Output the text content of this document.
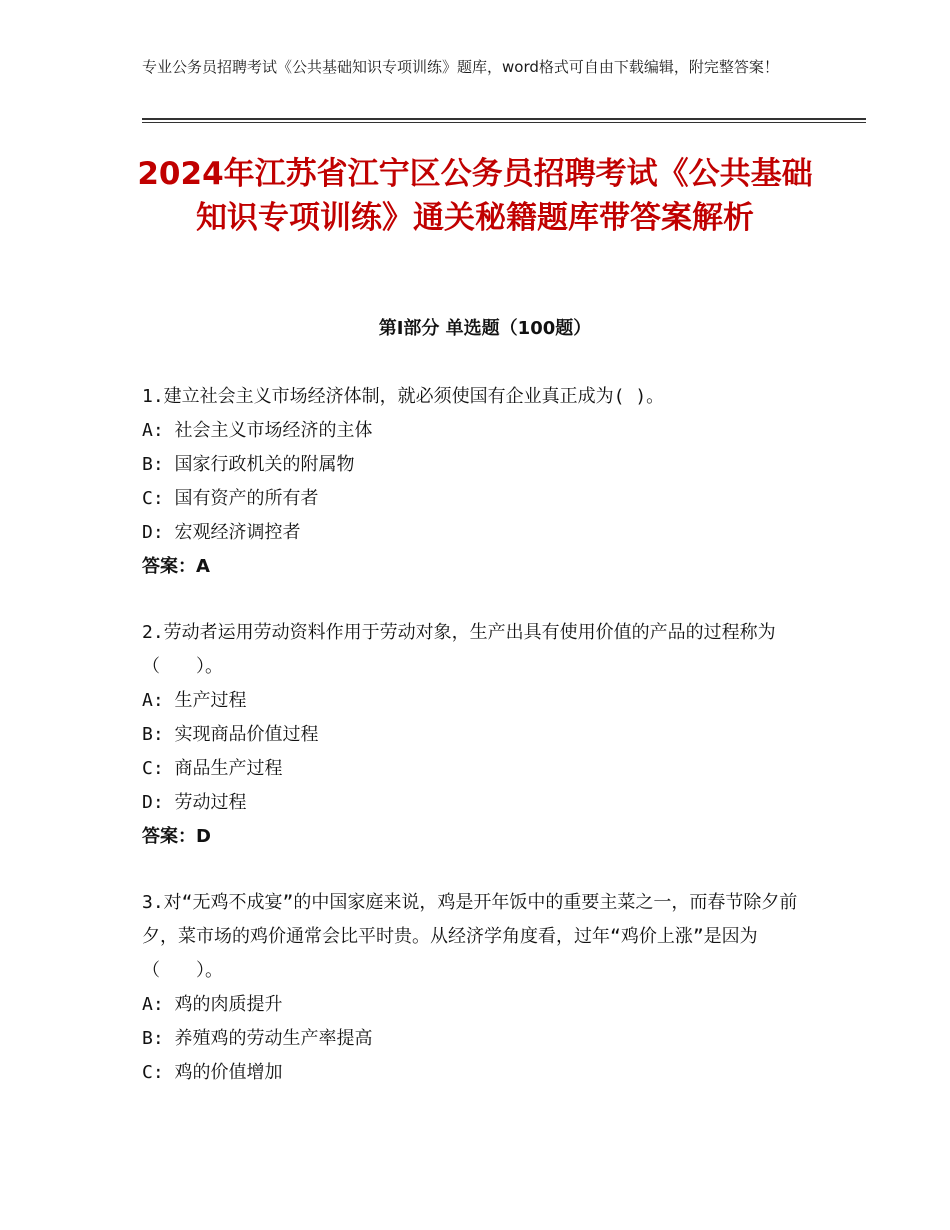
专业公务员招聘考试《公共基础知识专项训练》题库，word格式可自由下载编辑，附完整答案！

2024年江苏省江宁区公务员招聘考试《公共基础知识专项训练》通关秘籍题库带答案解析
第Ⅰ部分 单选题（100题）

1.建立社会主义市场经济体制，就必须使国有企业真正成为( )。

A: 社会主义市场经济的主体

B: 国家行政机关的附属物

C: 国有资产的所有者

D: 宏观经济调控者

答案：A

2.劳动者运用劳动资料作用于劳动对象，生产出具有使用价值的产品的过程称为（　　）。

A: 生产过程

B: 实现商品价值过程

C: 商品生产过程

D: 劳动过程

答案：D

3.对“无鸡不成宴”的中国家庭来说，鸡是开年饭中的重要主菜之一，而春节除夕前夕，菜市场的鸡价通常会比平时贵。从经济学角度看，过年“鸡价上涨”是因为（　　）。

A: 鸡的肉质提升

B: 养殖鸡的劳动生产率提高

C: 鸡的价值增加
